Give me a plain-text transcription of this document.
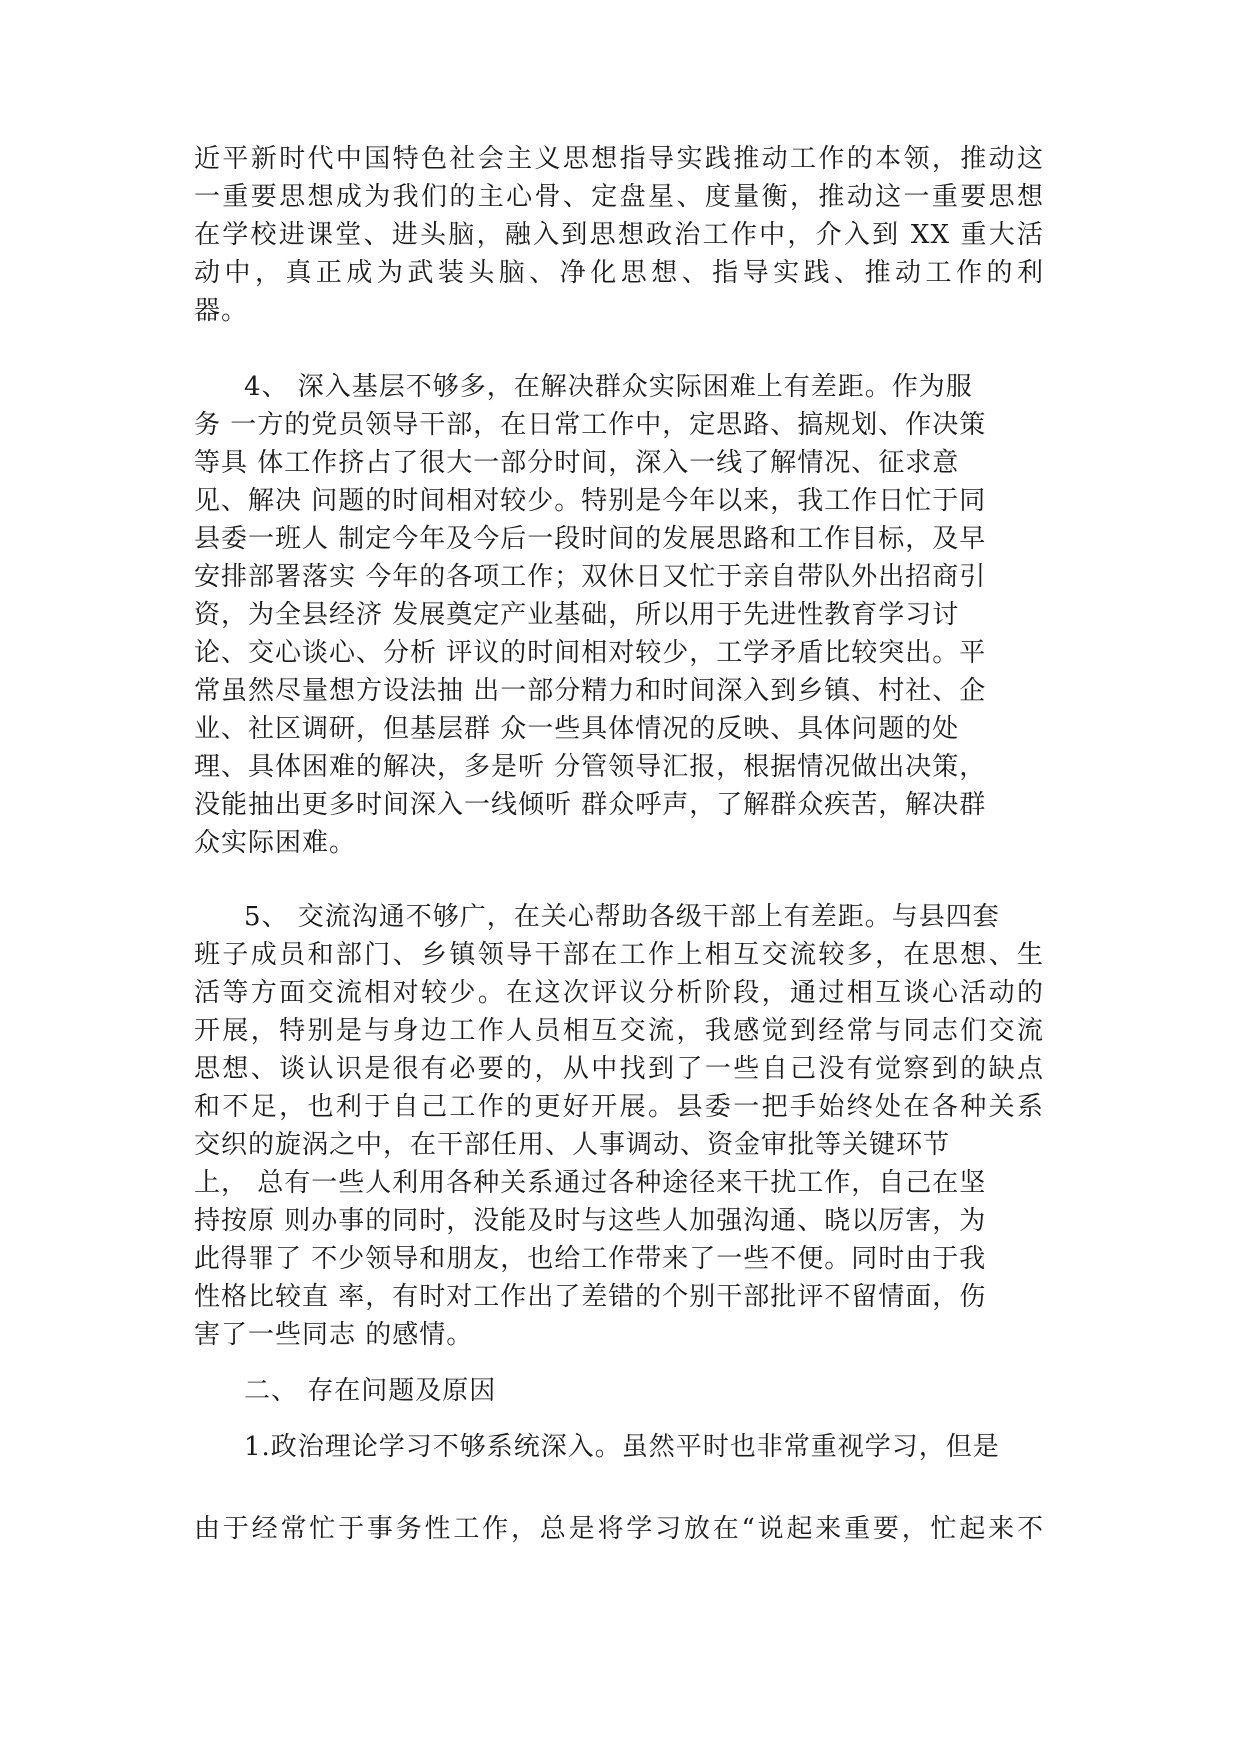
近平新时代中国特色社会主义思想指导实践推动工作的本领，推动这
一重要思想成为我们的主心骨、定盘星、度量衡，推动这一重要思想
在学校进课堂、进头脑，融入到思想政治工作中，介入到 XX 重大活
动中，真正成为武装头脑、净化思想、指导实践、推动工作的利
器。
4、 深入基层不够多，在解决群众实际困难上有差距。作为服
务 一方的党员领导干部，在日常工作中，定思路、搞规划、作决策
等具 体工作挤占了很大一部分时间，深入一线了解情况、征求意
见、解决 问题的时间相对较少。特别是今年以来，我工作日忙于同
县委一班人 制定今年及今后一段时间的发展思路和工作目标，及早
安排部署落实 今年的各项工作；双休日又忙于亲自带队外出招商引
资，为全县经济 发展奠定产业基础，所以用于先进性教育学习讨
论、交心谈心、分析 评议的时间相对较少，工学矛盾比较突出。平
常虽然尽量想方设法抽 出一部分精力和时间深入到乡镇、村社、企
业、社区调研，但基层群 众一些具体情况的反映、具体问题的处
理、具体困难的解决，多是听 分管领导汇报，根据情况做出决策，
没能抽出更多时间深入一线倾听 群众呼声，了解群众疾苦，解决群
众实际困难。
5、 交流沟通不够广，在关心帮助各级干部上有差距。与县四套
班子成员和部门、乡镇领导干部在工作上相互交流较多，在思想、生
活等方面交流相对较少。在这次评议分析阶段，通过相互谈心活动的
开展，特别是与身边工作人员相互交流，我感觉到经常与同志们交流
思想、谈认识是很有必要的，从中找到了一些自己没有觉察到的缺点
和不足，也利于自己工作的更好开展。县委一把手始终处在各种关系
交织的旋涡之中，在干部任用、人事调动、资金审批等关键环节
上， 总有一些人利用各种关系通过各种途径来干扰工作，自己在坚
持按原 则办事的同时，没能及时与这些人加强沟通、晓以厉害，为
此得罪了 不少领导和朋友，也给工作带来了一些不便。同时由于我
性格比较直 率，有时对工作出了差错的个别干部批评不留情面，伤
害了一些同志 的感情。
二、 存在问题及原因
1.政治理论学习不够系统深入。虽然平时也非常重视学习，但是
由于经常忙于事务性工作，总是将学习放在“说起来重要，忙起来不
